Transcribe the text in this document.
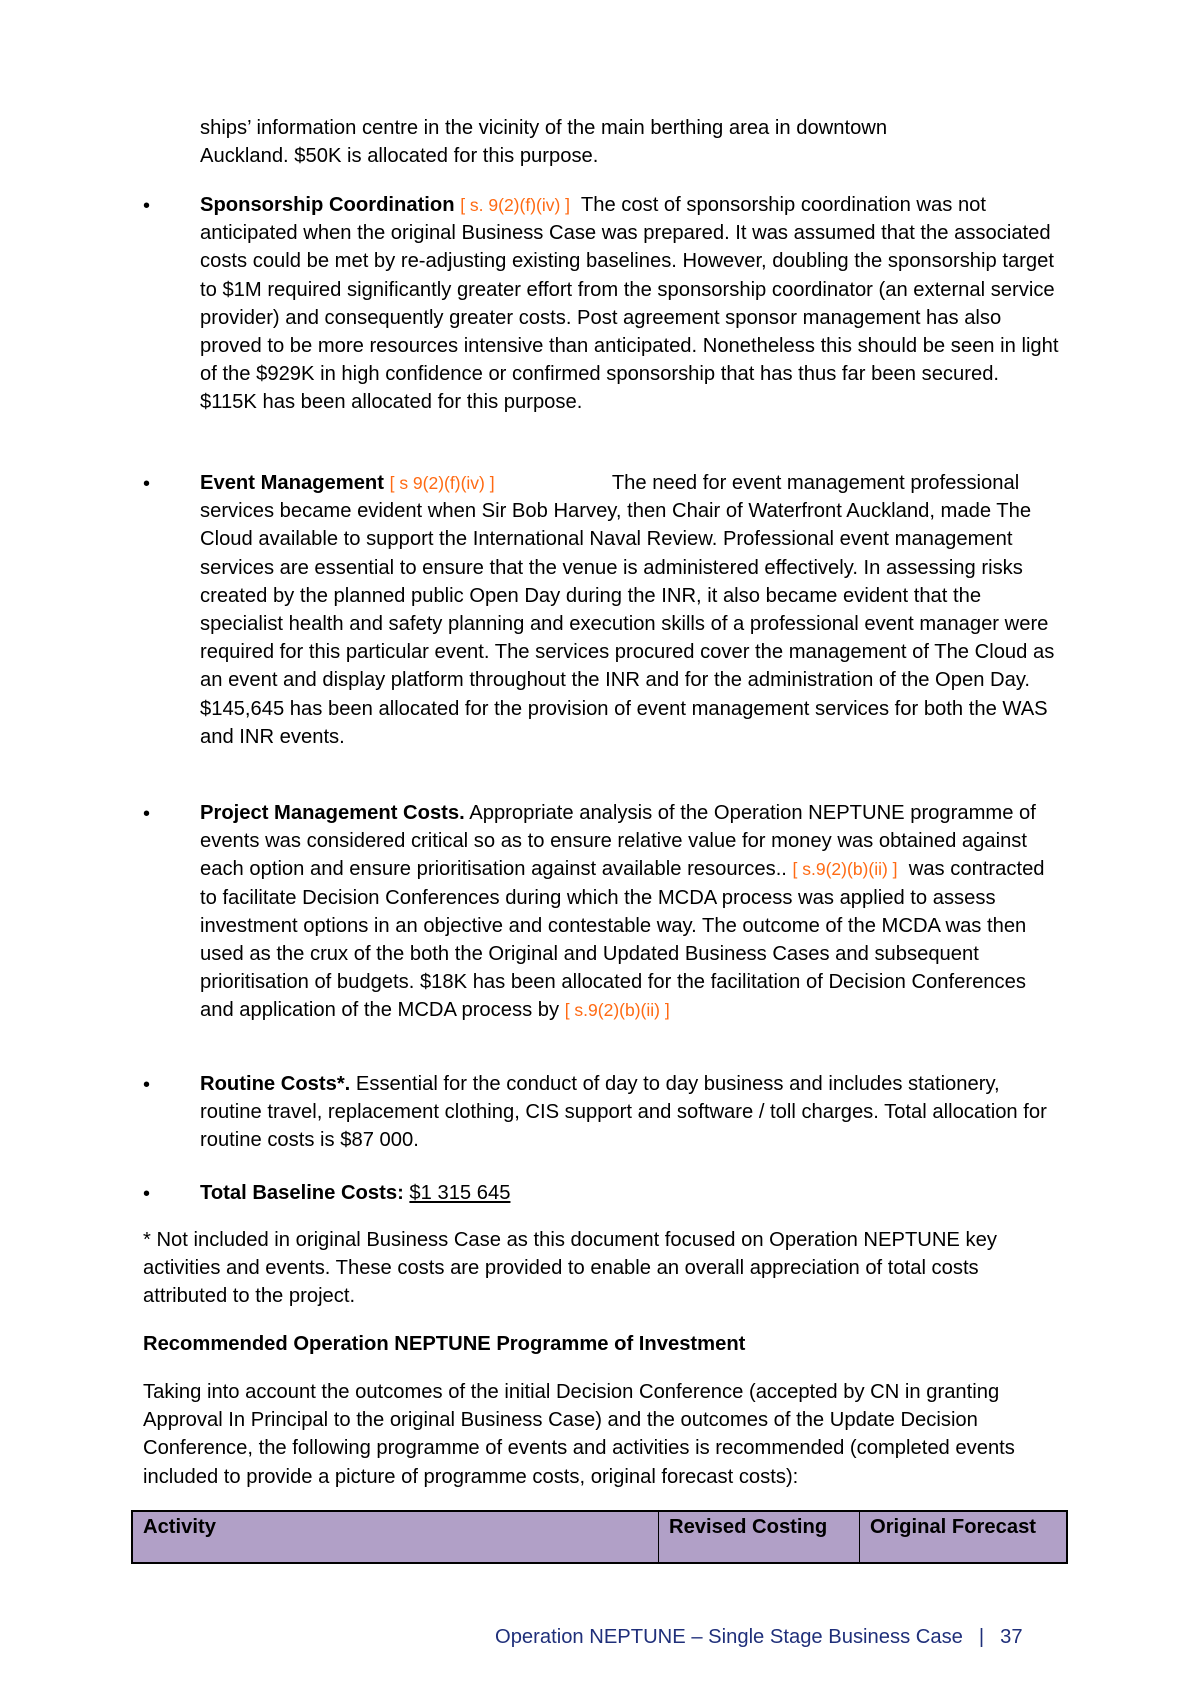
ships’ information centre in the vicinity of the main berthing area in downtown
Auckland. $50K is allocated for this purpose.
• Sponsorship Coordination [ s. 9(2)(f)(iv) ] The cost of sponsorship coordination was not anticipated when the original Business Case was prepared. It was assumed that the associated costs could be met by re-adjusting existing baselines. However, doubling the sponsorship target to $1M required significantly greater effort from the sponsorship coordinator (an external service provider) and consequently greater costs. Post agreement sponsor management has also proved to be more resources intensive than anticipated. Nonetheless this should be seen in light of the $929K in high confidence or confirmed sponsorship that has thus far been secured. $115K has been allocated for this purpose.
• Event Management [ s 9(2)(f)(iv) ]	The need for event management professional services became evident when Sir Bob Harvey, then Chair of Waterfront Auckland, made The Cloud available to support the International Naval Review. Professional event management services are essential to ensure that the venue is administered effectively. In assessing risks created by the planned public Open Day during the INR, it also became evident that the specialist health and safety planning and execution skills of a professional event manager were required for this particular event. The services procured cover the management of The Cloud as an event and display platform throughout the INR and for the administration of the Open Day. $145,645 has been allocated for the provision of event management services for both the WAS and INR events.
• Project Management Costs. Appropriate analysis of the Operation NEPTUNE programme of events was considered critical so as to ensure relative value for money was obtained against each option and ensure prioritisation against available resources.. [ s.9(2)(b)(ii) ] was contracted to facilitate Decision Conferences during which the MCDA process was applied to assess investment options in an objective and contestable way. The outcome of the MCDA was then used as the crux of the both the Original and Updated Business Cases and subsequent prioritisation of budgets. $18K has been allocated for the facilitation of Decision Conferences and application of the MCDA process by [ s.9(2)(b)(ii) ]
• Routine Costs*. Essential for the conduct of day to day business and includes stationery, routine travel, replacement clothing, CIS support and software / toll charges. Total allocation for routine costs is $87 000.
• Total Baseline Costs: $1 315 645
* Not included in original Business Case as this document focused on Operation NEPTUNE key activities and events. These costs are provided to enable an overall appreciation of total costs attributed to the project.
Recommended Operation NEPTUNE Programme of Investment
Taking into account the outcomes of the initial Decision Conference (accepted by CN in granting Approval In Principal to the original Business Case) and the outcomes of the Update Decision Conference, the following programme of events and activities is recommended (completed events included to provide a picture of programme costs, original forecast costs):
Activity	Revised Costing	Original Forecast
Operation NEPTUNE – Single Stage Business Case | 37
